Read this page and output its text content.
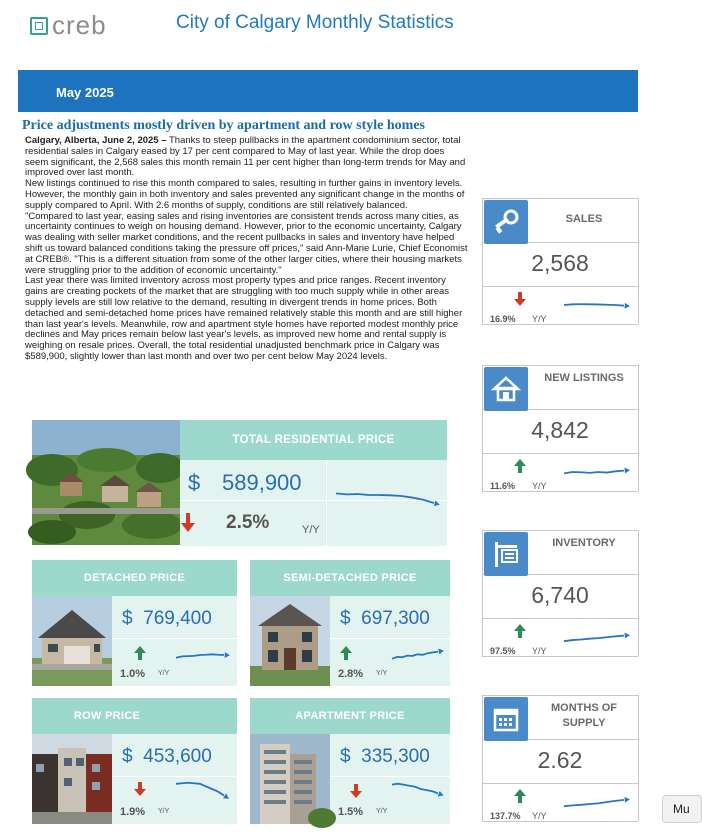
creb	City of Calgary Monthly Statistics
May 2025
Price adjustments mostly driven by apartment and row style homes

Calgary, Alberta, June 2, 2025 – Thanks to steep pullbacks in the apartment condominium sector, total residential sales in Calgary eased by 17 per cent compared to May of last year. While the drop does seem significant, the 2,568 sales this month remain 11 per cent higher than long-term trends for May and improved over last month.

New listings continued to rise this month compared to sales, resulting in further gains in inventory levels. However, the monthly gain in both inventory and sales prevented any significant change in the months of supply compared to April. With 2.6 months of supply, conditions are still relatively balanced.

"Compared to last year, easing sales and rising inventories are consistent trends across many cities, as uncertainty continues to weigh on housing demand. However, prior to the economic uncertainty, Calgary was dealing with seller market conditions, and the recent pullbacks in sales and inventory have helped shift us toward balanced conditions taking the pressure off prices," said Ann-Marie Lurie, Chief Economist at CREB®. "This is a different situation from some of the other larger cities, where their housing markets were struggling prior to the addition of economic uncertainty."

Last year there was limited inventory across most property types and price ranges. Recent inventory gains are creating pockets of the market that are struggling with too much supply while in other areas supply levels are still low relative to the demand, resulting in divergent trends in home prices. Both detached and semi-detached home prices have remained relatively stable this month and are still higher than last year's levels. Meanwhile, row and apartment style homes have reported modest monthly price declines and May prices remain below last year's levels, as improved new home and rental supply is weighing on resale prices. Overall, the total residential unadjusted benchmark price in Calgary was $589,900, slightly lower than last month and over two per cent below May 2024 levels.

TOTAL RESIDENTIAL PRICE
$ 589,900
2.5%	Y/Y
DETACHED PRICE
$ 769,400
1.0% Y/Y
SEMI-DETACHED PRICE
$ 697,300
2.8% Y/Y
ROW PRICE
$ 453,600
1.9% Y/Y
APARTMENT PRICE
$ 335,300
1.5% Y/Y
SALES
2,568
16.9% Y/Y
NEW LISTINGS
4,842
11.6% Y/Y
INVENTORY
6,740
97.5% Y/Y
MONTHS OF SUPPLY
2.62
137.7% Y/Y	Mu
